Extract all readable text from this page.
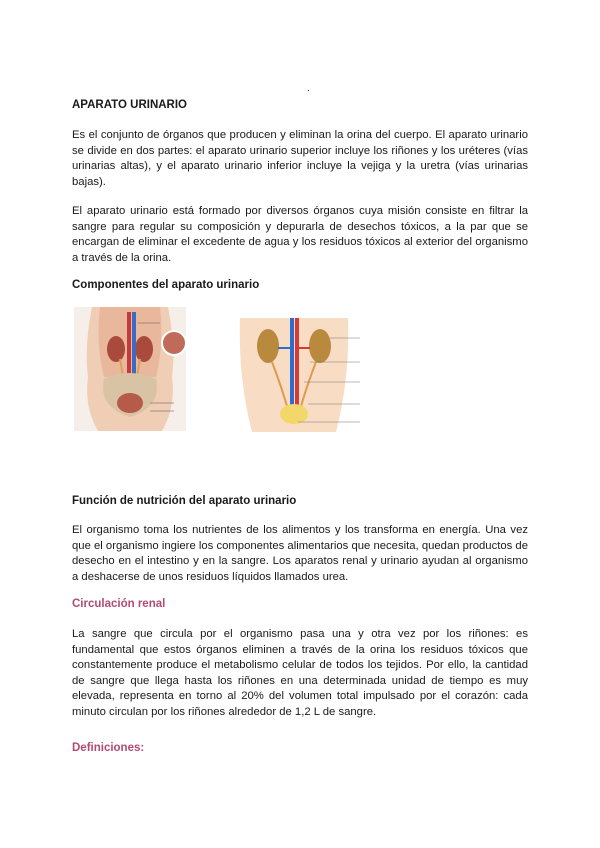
.
APARATO URINARIO

Es el conjunto de órganos que producen y eliminan la orina del cuerpo. El aparato urinario se divide en dos partes: el aparato urinario superior incluye los riñones y los uréteres (vías urinarias altas), y el aparato urinario inferior incluye la vejiga y la uretra (vías urinarias bajas).

El aparato urinario está formado por diversos órganos cuya misión consiste en filtrar la sangre para regular su composición y depurarla de desechos tóxicos, a la par que se encargan de eliminar el excedente de agua y los residuos tóxicos al exterior del organismo a través de la orina.

Componentes del aparato urinario
Función de nutrición del aparato urinario

El organismo toma los nutrientes de los alimentos y los transforma en energía. Una vez que el organismo ingiere los componentes alimentarios que necesita, quedan productos de desecho en el intestino y en la sangre. Los aparatos renal y urinario ayudan al organismo a deshacerse de unos residuos líquidos llamados urea.

Circulación renal

La sangre que circula por el organismo pasa una y otra vez por los riñones: es fundamental que estos órganos eliminen a través de la orina los residuos tóxicos que constantemente produce el metabolismo celular de todos los tejidos. Por ello, la cantidad de sangre que llega hasta los riñones en una determinada unidad de tiempo es muy elevada, representa en torno al 20% del volumen total impulsado por el corazón: cada minuto circulan por los riñones alrededor de 1,2 L de sangre.

Definiciones:
